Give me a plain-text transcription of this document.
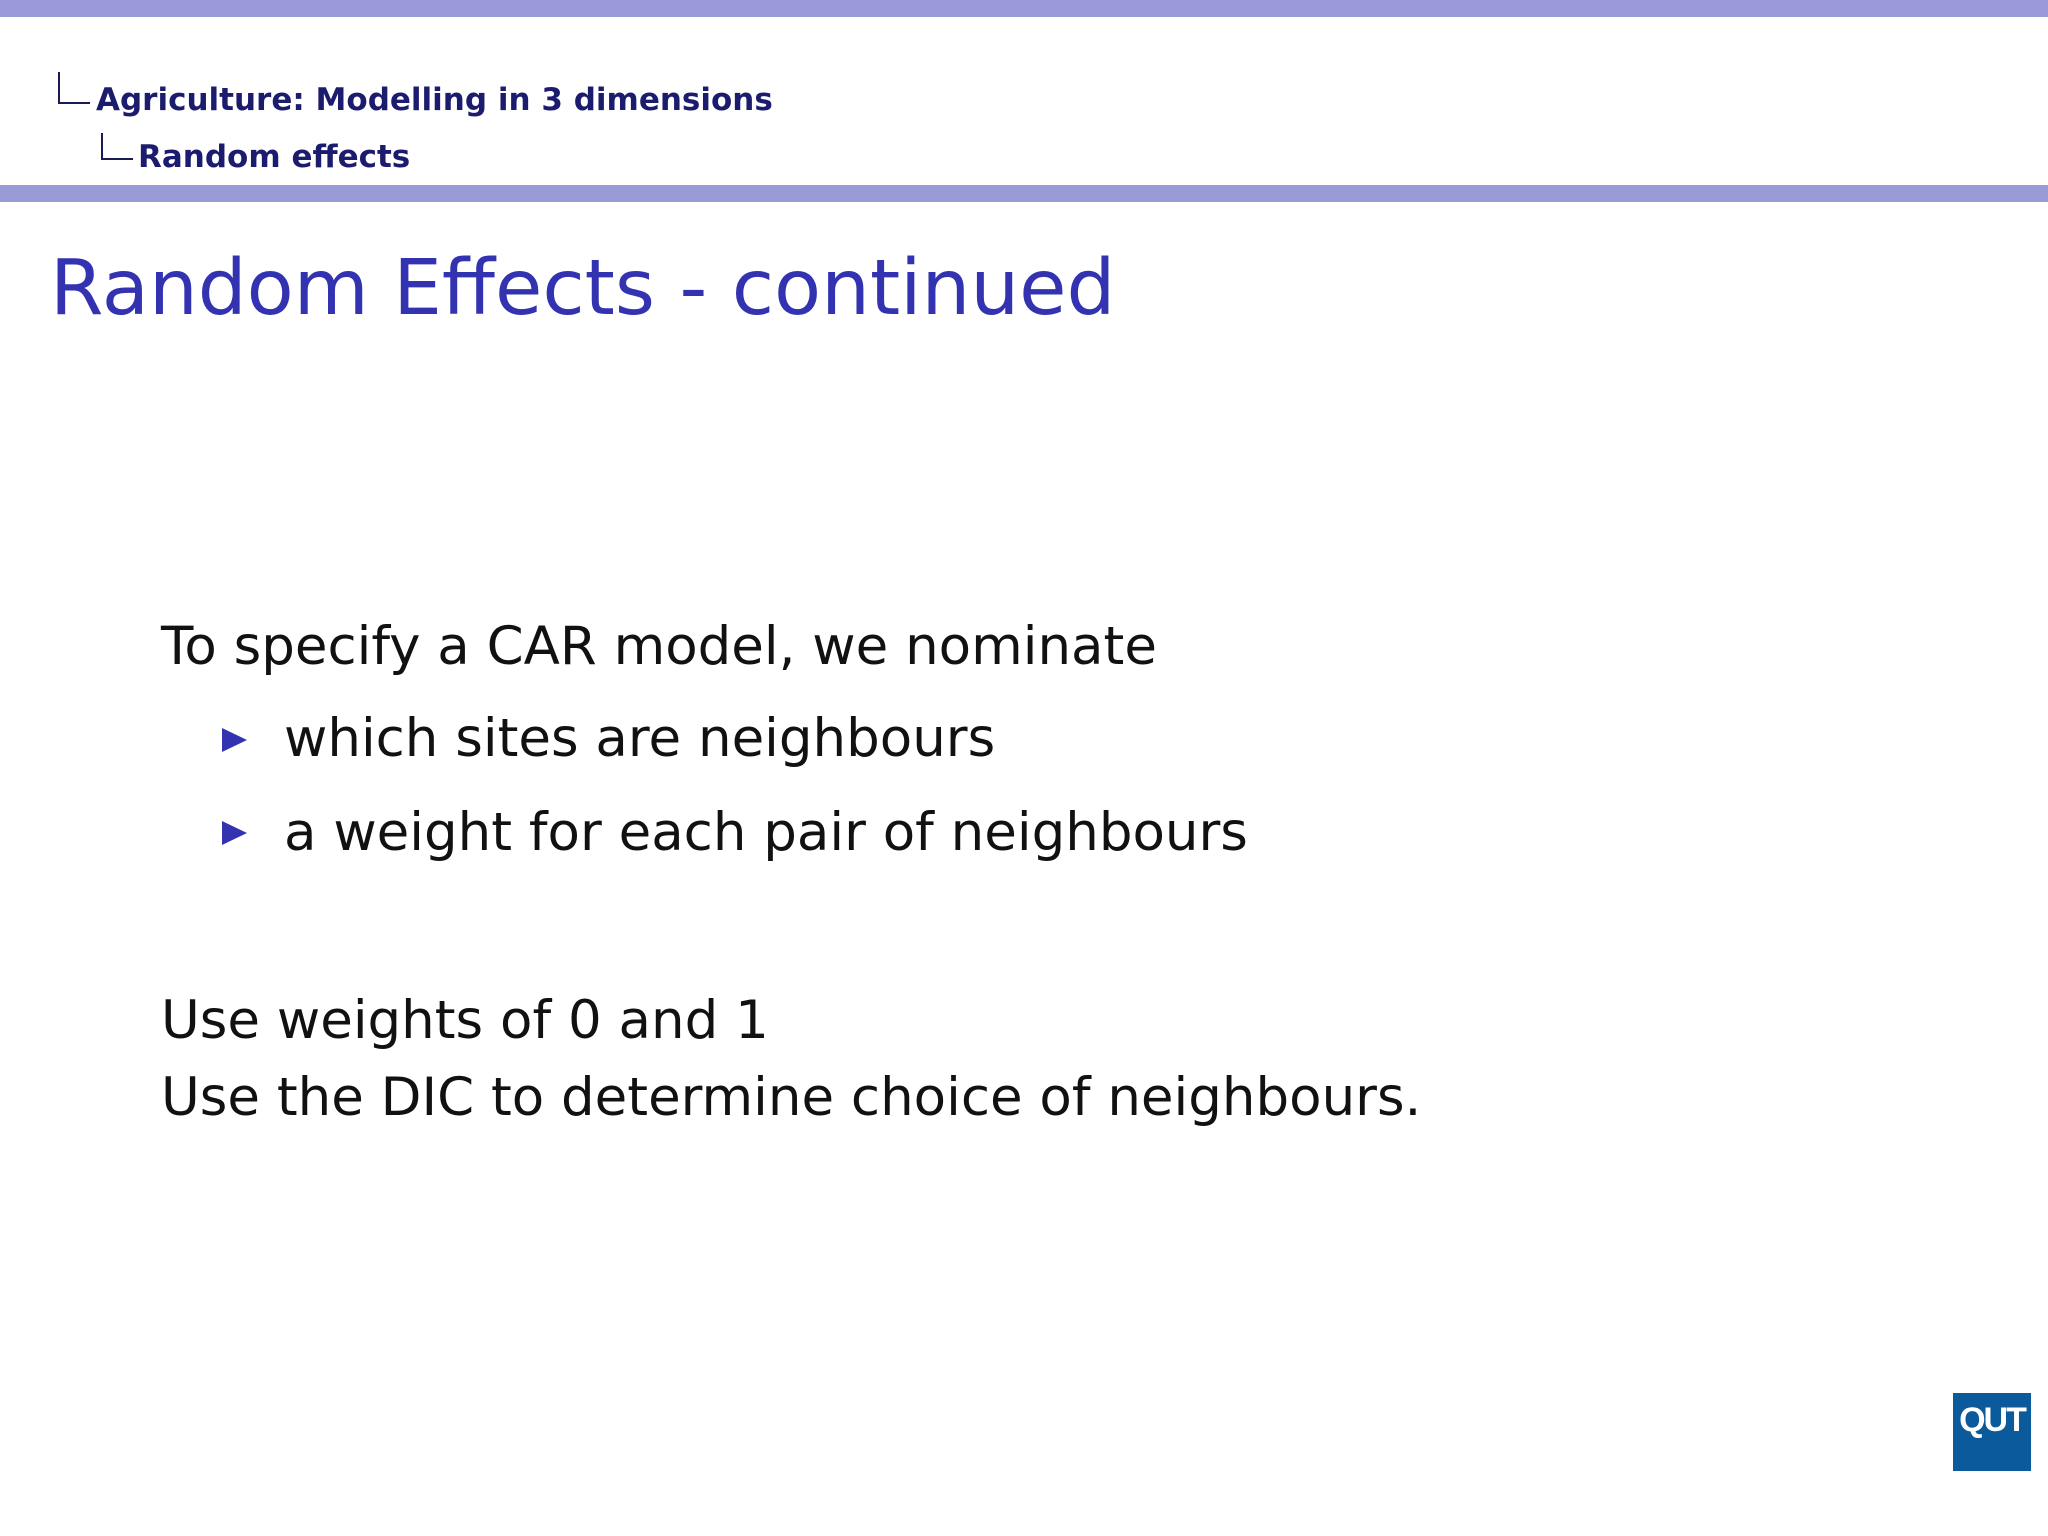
Agriculture: Modelling in 3 dimensions
Random effects
Random Effects - continued
To specify a CAR model, we nominate
which sites are neighbours
a weight for each pair of neighbours
Use weights of 0 and 1
Use the DIC to determine choice of neighbours.
QUT
